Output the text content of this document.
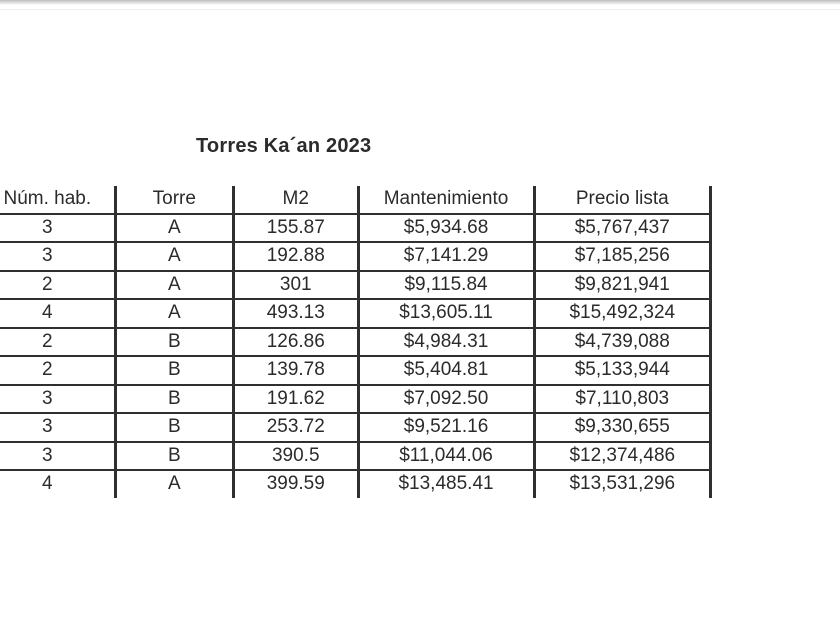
Torres Ka´an 2023
	Núm. hab.	Torre	M2	Mantenimiento	Precio lista
	3	A	155.87	$5,934.68	$5,767,437
	3	A	192.88	$7,141.29	$7,185,256
	2	A	301	$9,115.84	$9,821,941
	4	A	493.13	$13,605.11	$15,492,324
	2	B	126.86	$4,984.31	$4,739,088
	2	B	139.78	$5,404.81	$5,133,944
	3	B	191.62	$7,092.50	$7,110,803
	3	B	253.72	$9,521.16	$9,330,655
	3	B	390.5	$11,044.06	$12,374,486
	4	A	399.59	$13,485.41	$13,531,296
